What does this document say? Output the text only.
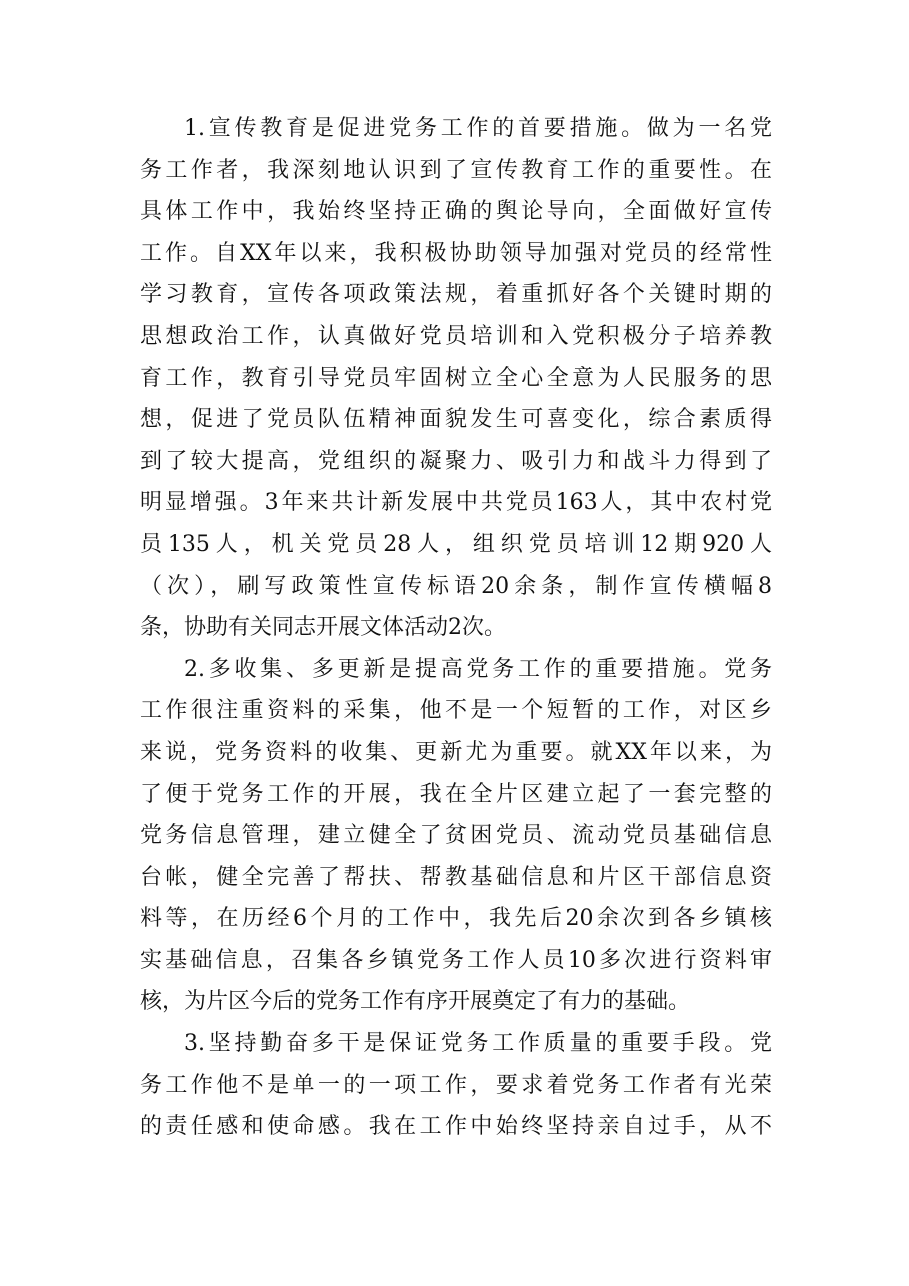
1.宣传教育是促进党务工作的首要措施。做为一名党
务工作者，我深刻地认识到了宣传教育工作的重要性。在
具体工作中，我始终坚持正确的舆论导向，全面做好宣传
工作。自XX年以来，我积极协助领导加强对党员的经常性
学习教育，宣传各项政策法规，着重抓好各个关键时期的
思想政治工作，认真做好党员培训和入党积极分子培养教
育工作，教育引导党员牢固树立全心全意为人民服务的思
想，促进了党员队伍精神面貌发生可喜变化，综合素质得
到了较大提高，党组织的凝聚力、吸引力和战斗力得到了
明显增强。3年来共计新发展中共党员163人，其中农村党
员135人，机关党员28人，组织党员培训12期920人
（次），刷写政策性宣传标语20余条，制作宣传横幅8
条，协助有关同志开展文体活动2次。
2.多收集、多更新是提高党务工作的重要措施。党务
工作很注重资料的采集，他不是一个短暂的工作，对区乡
来说，党务资料的收集、更新尤为重要。就XX年以来，为
了便于党务工作的开展，我在全片区建立起了一套完整的
党务信息管理，建立健全了贫困党员、流动党员基础信息
台帐，健全完善了帮扶、帮教基础信息和片区干部信息资
料等，在历经6个月的工作中，我先后20余次到各乡镇核
实基础信息，召集各乡镇党务工作人员10多次进行资料审
核，为片区今后的党务工作有序开展奠定了有力的基础。
3.坚持勤奋多干是保证党务工作质量的重要手段。党
务工作他不是单一的一项工作，要求着党务工作者有光荣
的责任感和使命感。我在工作中始终坚持亲自过手，从不
